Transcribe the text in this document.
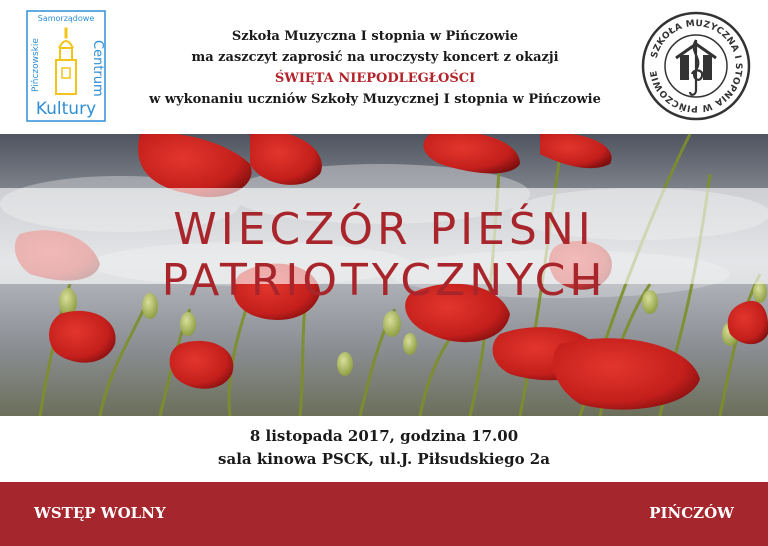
Samorządowe
Centrum
Pińczowskie
Kultury
Szkoła Muzyczna I stopnia w Pińczowie
ma zaszczyt zaprosić na uroczysty koncert z okazji
ŚWIĘTA NIEPODLEGŁOŚCI
w wykonaniu uczniów Szkoły Muzycznej I stopnia w Pińczowie
SZKOŁA MUZYCZNA I STOPNIA W PIŃCZOWIE
WIECZÓR PIEŚNI PATRIOTYCZNYCH
8 listopada 2017, godzina 17.00
sala kinowa PSCK, ul.J. Piłsudskiego 2a
WSTĘP WOLNY	PIŃCZÓW
